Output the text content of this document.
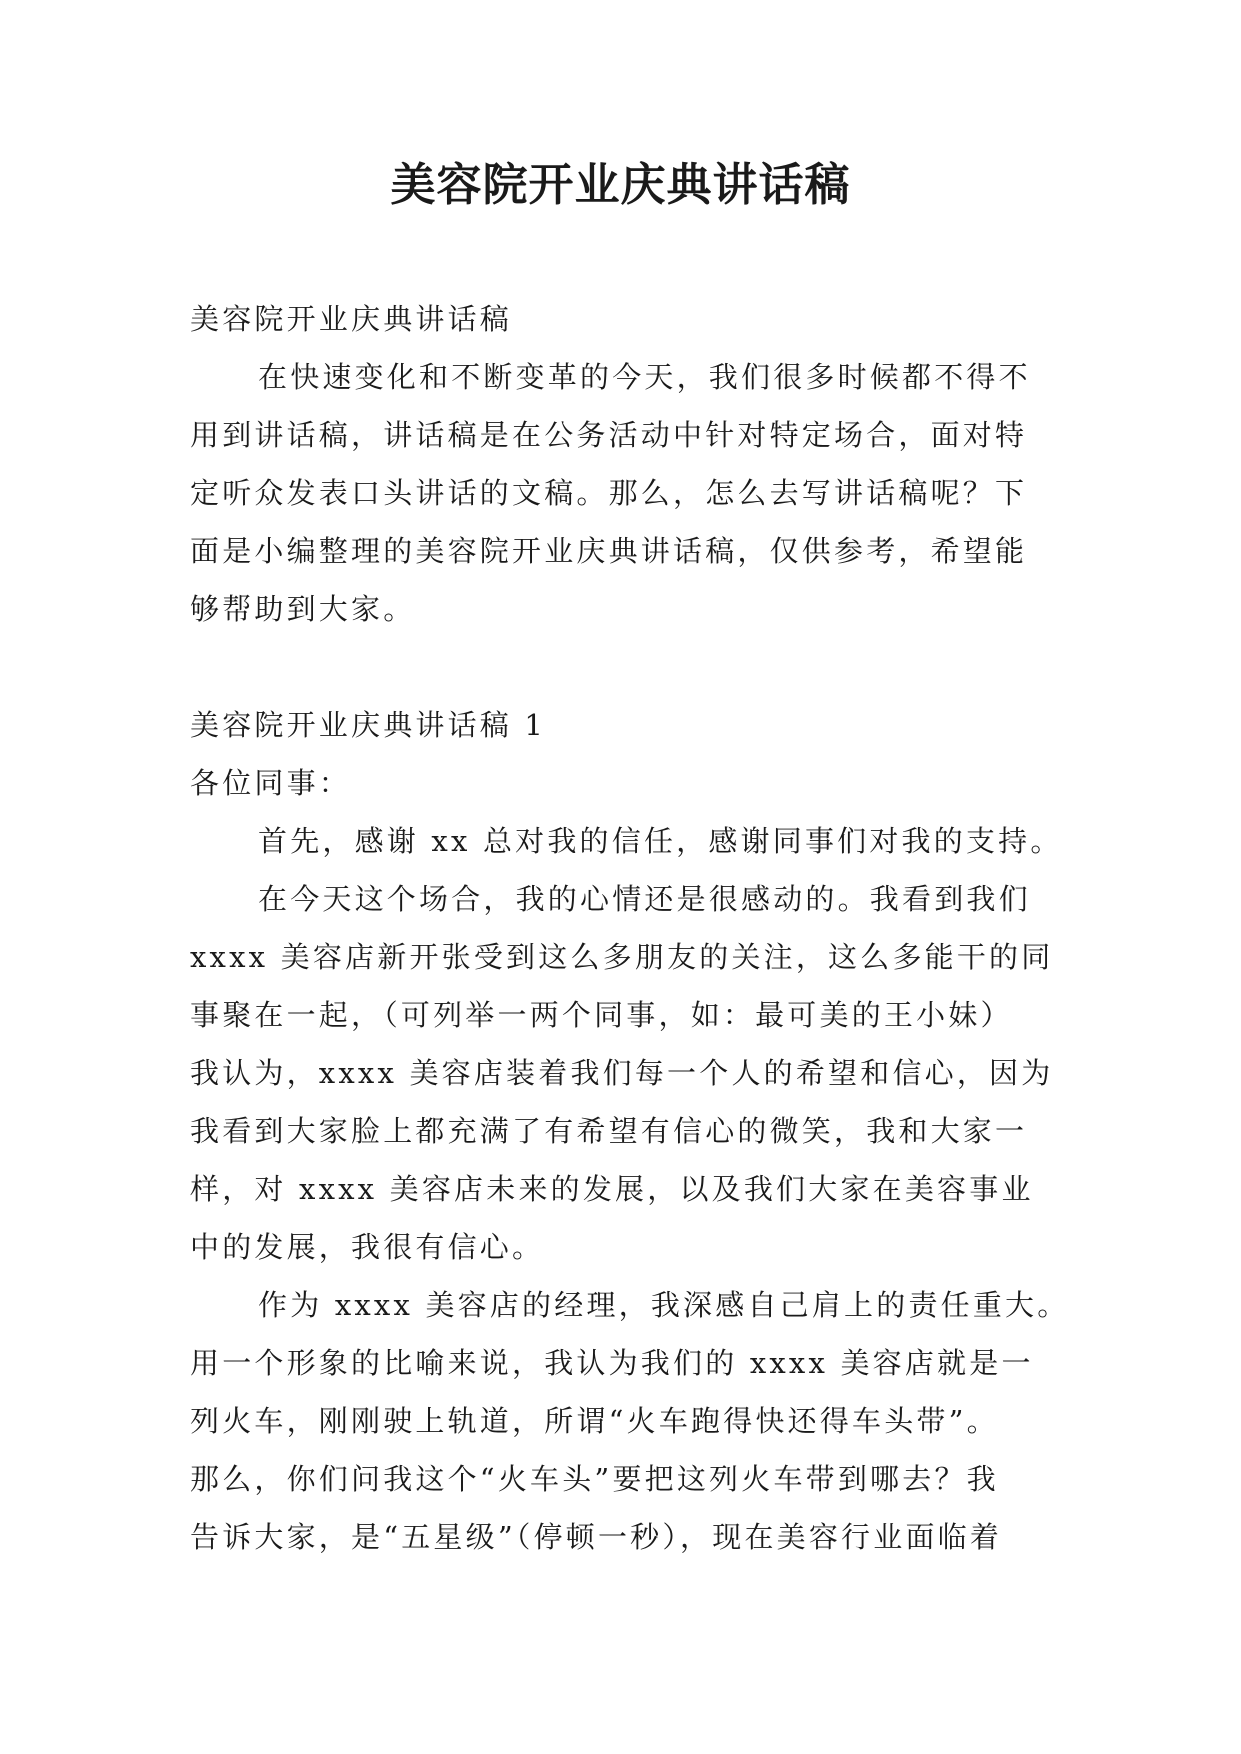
美容院开业庆典讲话稿
美容院开业庆典讲话稿
在快速变化和不断变革的今天，我们很多时候都不得不
用到讲话稿，讲话稿是在公务活动中针对特定场合，面对特
定听众发表口头讲话的文稿。那么，怎么去写讲话稿呢？下
面是小编整理的美容院开业庆典讲话稿，仅供参考，希望能
够帮助到大家。
美容院开业庆典讲话稿 1
各位同事：
首先，感谢 xx 总对我的信任，感谢同事们对我的支持。
在今天这个场合，我的心情还是很感动的。我看到我们
xxxx 美容店新开张受到这么多朋友的关注，这么多能干的同
事聚在一起，（可列举一两个同事，如：最可美的王小妹）
我认为，xxxx 美容店装着我们每一个人的希望和信心，因为
我看到大家脸上都充满了有希望有信心的微笑，我和大家一
样，对 xxxx 美容店未来的发展，以及我们大家在美容事业
中的发展，我很有信心。
作为 xxxx 美容店的经理，我深感自己肩上的责任重大。
用一个形象的比喻来说，我认为我们的 xxxx 美容店就是一
列火车，刚刚驶上轨道，所谓“火车跑得快还得车头带”。
那么，你们问我这个“火车头”要把这列火车带到哪去？我
告诉大家，是“五星级”（停顿一秒），现在美容行业面临着
